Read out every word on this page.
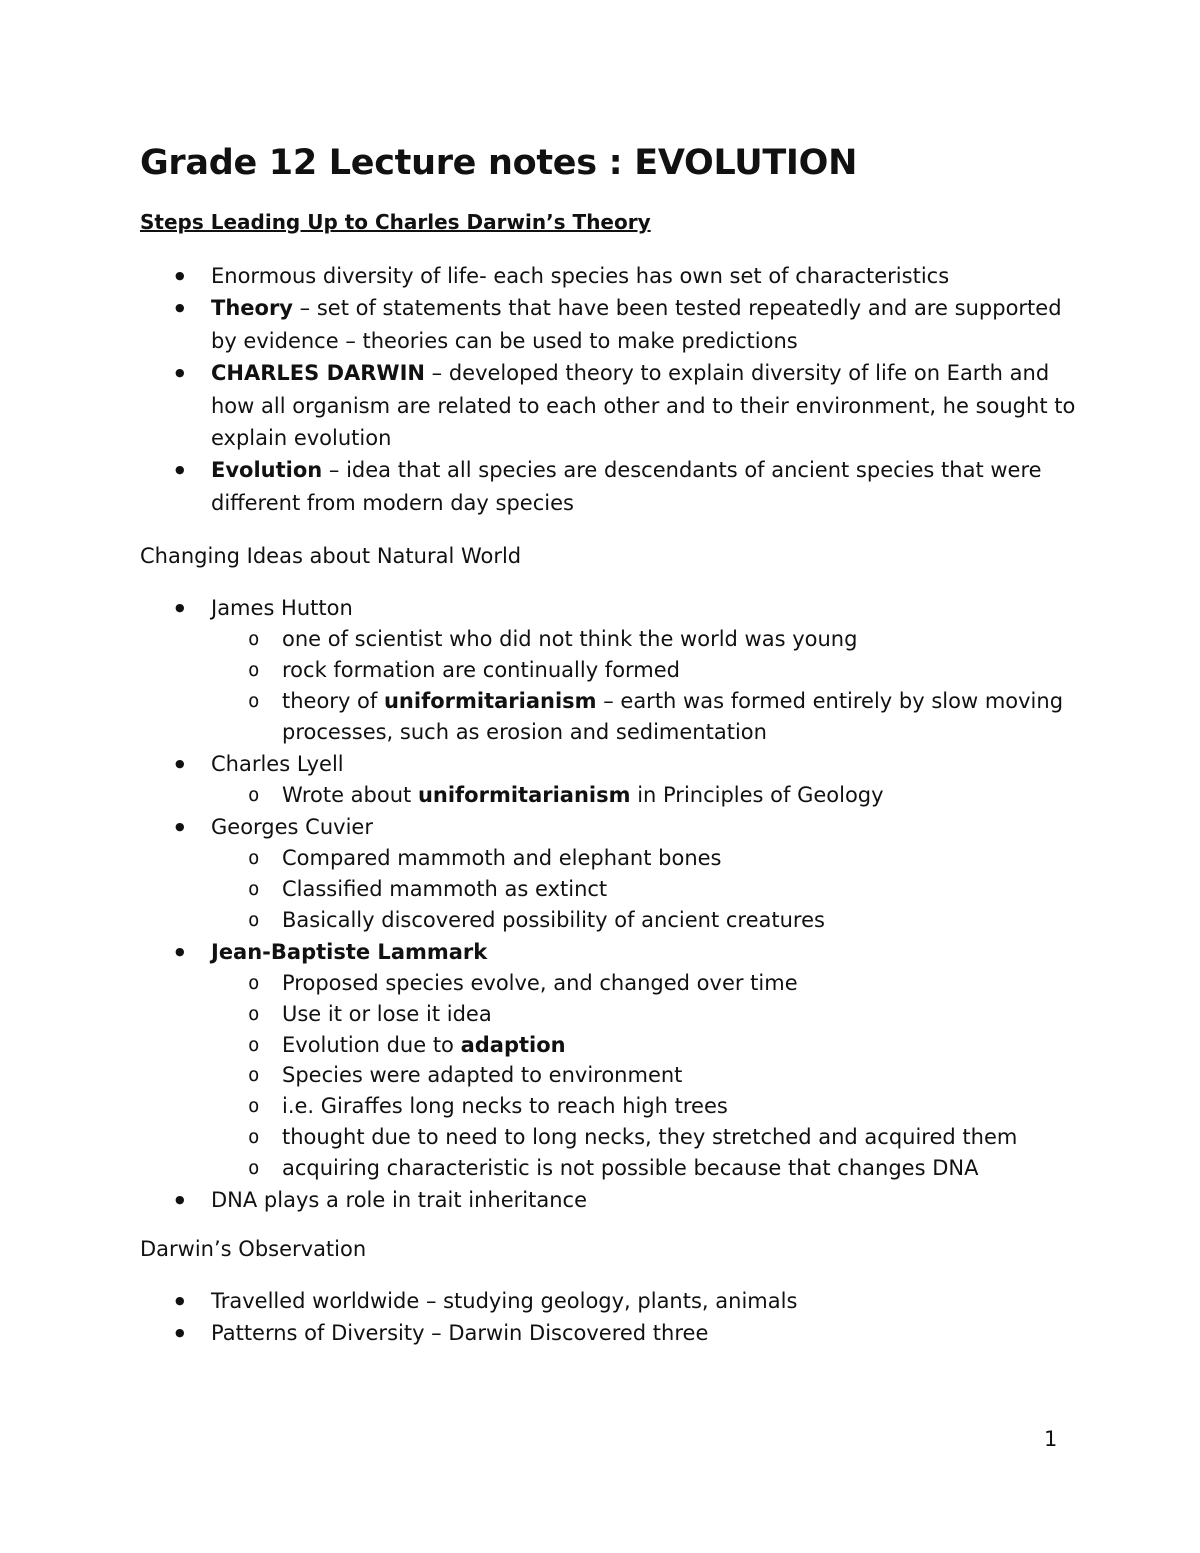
Grade 12 Lecture notes : EVOLUTION
Steps Leading Up to Charles Darwin’s Theory
● Enormous diversity of life- each species has own set of characteristics
● Theory – set of statements that have been tested repeatedly and are supported by evidence – theories can be used to make predictions
● CHARLES DARWIN – developed theory to explain diversity of life on Earth and how all organism are related to each other and to their environment, he sought to explain evolution
● Evolution – idea that all species are descendants of ancient species that were different from modern day species
Changing Ideas about Natural World
● James Hutton
o one of scientist who did not think the world was young
o rock formation are continually formed
o theory of uniformitarianism – earth was formed entirely by slow moving processes, such as erosion and sedimentation
● Charles Lyell
o Wrote about uniformitarianism in Principles of Geology
● Georges Cuvier
o Compared mammoth and elephant bones
o Classified mammoth as extinct
o Basically discovered possibility of ancient creatures
● Jean-Baptiste Lammark
o Proposed species evolve, and changed over time
o Use it or lose it idea
o Evolution due to adaption
o Species were adapted to environment
o i.e. Giraffes long necks to reach high trees
o thought due to need to long necks, they stretched and acquired them
o acquiring characteristic is not possible because that changes DNA
● DNA plays a role in trait inheritance
Darwin’s Observation
● Travelled worldwide – studying geology, plants, animals
● Patterns of Diversity – Darwin Discovered three
1
